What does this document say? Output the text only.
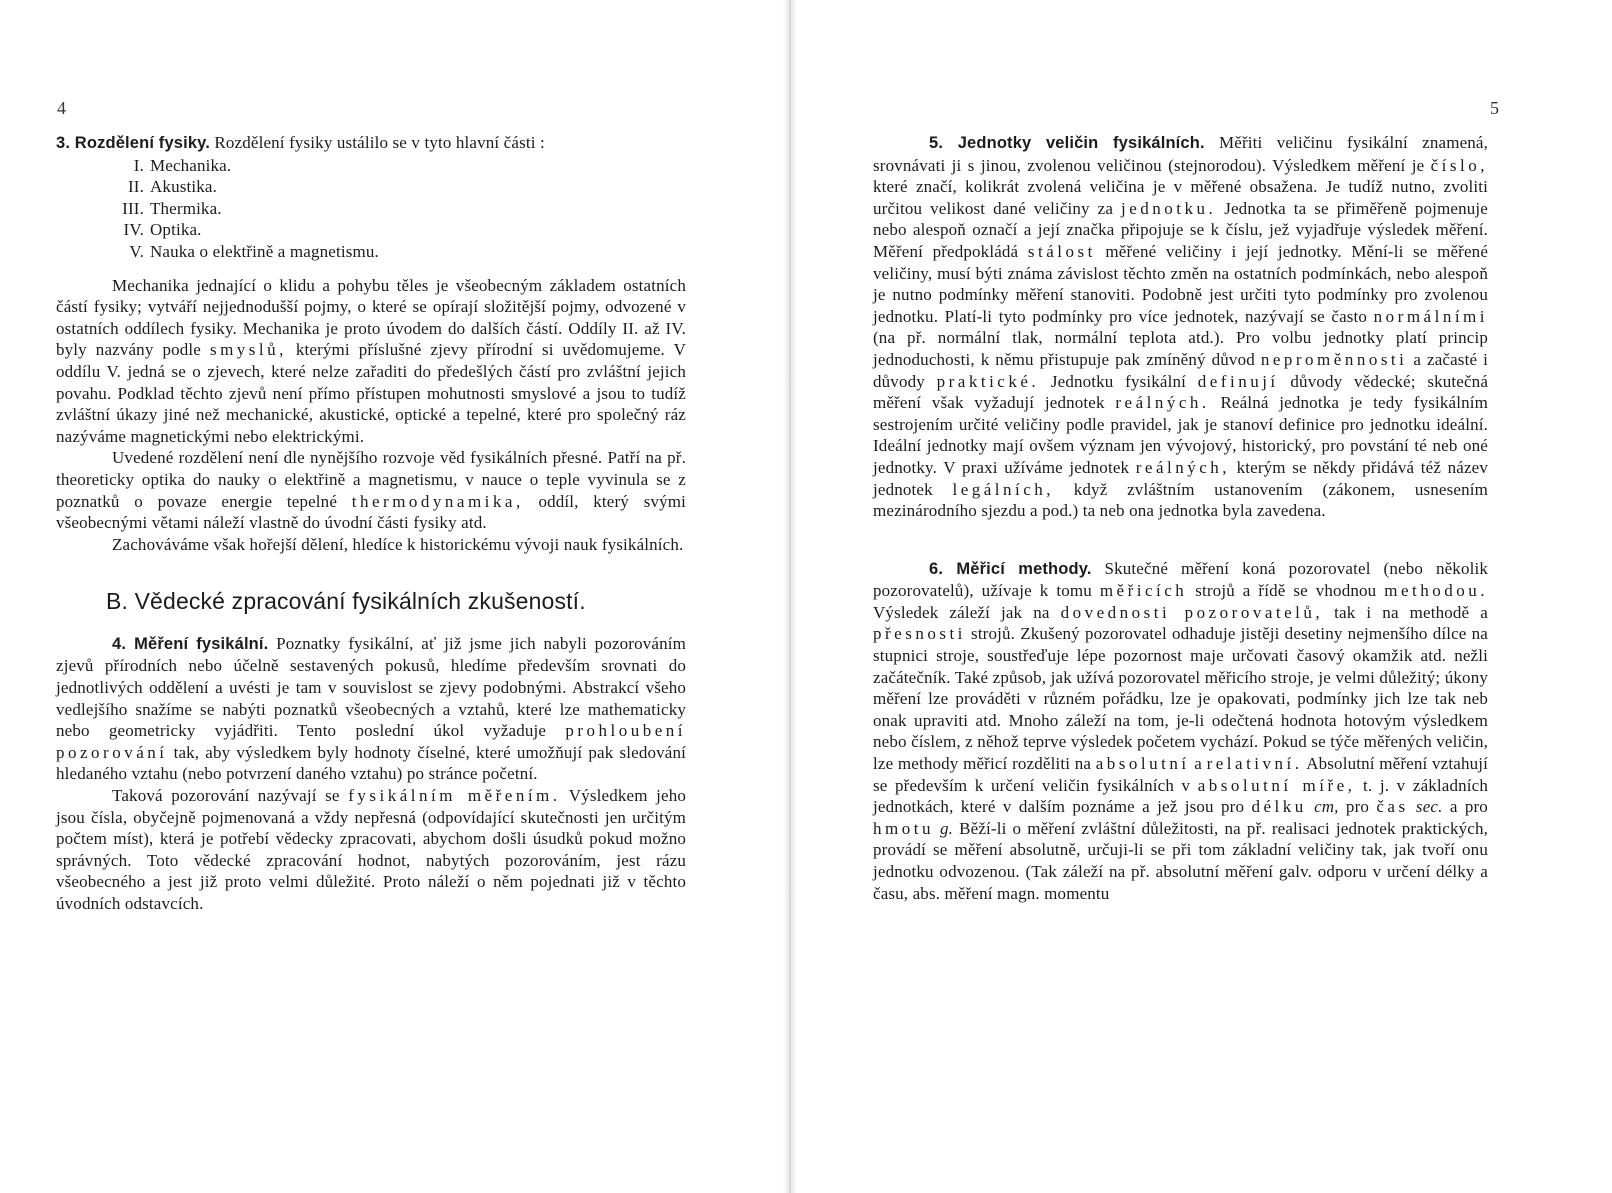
4

3. Rozdělení fysiky. Rozdělení fysiky ustálilo se v tyto hlavní části :

I. Mechanika.
II. Akustika.
III. Thermika.
IV. Optika.
V. Nauka o elektřině a magnetismu.

Mechanika jednající o klidu a pohybu těles je všeobecným základem ostatních částí fysiky; vytváří nejjednodušší pojmy, o které se opírají složitější pojmy, odvozené v ostatních oddílech fysiky. Mechanika je proto úvodem do dalších částí. Oddíly II. až IV. byly nazvány podle smyslů, kterými příslušné zjevy přírodní si uvědomujeme. V oddílu V. jedná se o zjevech, které nelze zařaditi do předešlých částí pro zvláštní jejich povahu. Podklad těchto zjevů není přímo přístupen mohutnosti smyslové a jsou to tudíž zvláštní úkazy jiné než mechanické, akustické, optické a tepelné, které pro společný ráz nazýváme magnetickými nebo elektrickými.

Uvedené rozdělení není dle nynějšího rozvoje věd fysikálních přesné. Patří na př. theoreticky optika do nauky o elektřině a magnetismu, v nauce o teple vyvinula se z poznatků o povaze energie tepelné thermodynamika, oddíl, který svými všeobecnými větami náleží vlastně do úvodní části fysiky atd.

Zachováváme však hořejší dělení, hledíce k historickému vývoji nauk fysikálních.

B. Vědecké zpracování fysikálních zkušeností.

4. Měření fysikální. Poznatky fysikální, ať již jsme jich nabyli pozorováním zjevů přírodních nebo účelně sestavených pokusů, hledíme především srovnati do jednotlivých oddělení a uvésti je tam v souvislost se zjevy podobnými. Abstrakcí všeho vedlejšího snažíme se nabýti poznatků všeobecných a vztahů, které lze mathematicky nebo geometricky vyjádřiti. Tento poslední úkol vyžaduje prohloubení pozorování tak, aby výsledkem byly hodnoty číselné, které umožňují pak sledování hledaného vztahu (nebo potvrzení daného vztahu) po stránce početní.

Taková pozorování nazývají se fysikálním měřením. Výsledkem jeho jsou čísla, obyčejně pojmenovaná a vždy nepřesná (odpovídající skutečnosti jen určitým počtem míst), která je potřebí vědecky zpracovati, abychom došli úsudků pokud možno správných. Toto vědecké zpracování hodnot, nabytých pozorováním, jest rázu všeobecného a jest již proto velmi důležité. Proto náleží o něm pojednati již v těchto úvodních odstavcích.

5

5. Jednotky veličin fysikálních. Měřiti veličinu fysikální znamená, srovnávati ji s jinou, zvolenou veličinou (stejnorodou). Výsledkem měření je číslo, které značí, kolikrát zvolená veličina je v měřené obsažena. Je tudíž nutno, zvoliti určitou velikost dané veličiny za jednotku. Jednotka ta se přiměřeně pojmenuje nebo alespoň označí a její značka připojuje se k číslu, jež vyjadřuje výsledek měření. Měření předpokládá stálost měřené veličiny i její jednotky. Mění-li se měřené veličiny, musí býti známa závislost těchto změn na ostatních podmínkách, nebo alespoň je nutno podmínky měření stanoviti. Podobně jest určiti tyto podmínky pro zvolenou jednotku. Platí-li tyto podmínky pro více jednotek, nazývají se často normálními (na př. normální tlak, normální teplota atd.). Pro volbu jednotky platí princip jednoduchosti, k němu přistupuje pak zmíněný důvod neproměnnosti a začasté i důvody praktické. Jednotku fysikální definují důvody vědecké; skutečná měření však vyžadují jednotek reálných. Reálná jednotka je tedy fysikálním sestrojením určité veličiny podle pravidel, jak je stanoví definice pro jednotku ideální. Ideální jednotky mají ovšem význam jen vývojový, historický, pro povstání té neb oné jednotky. V praxi užíváme jednotek reálných, kterým se někdy přidává též název jednotek legálních, když zvláštním ustanovením (zákonem, usnesením mezinárodního sjezdu a pod.) ta neb ona jednotka byla zavedena.

6. Měřicí methody. Skutečné měření koná pozorovatel (nebo několik pozorovatelů), užívaje k tomu měřicích strojů a řídě se vhodnou methodou. Výsledek záleží jak na dovednosti pozorovatelů, tak i na methodě a přesnosti strojů. Zkušený pozorovatel odhaduje jistěji desetiny nejmenšího dílce na stupnici stroje, soustřeďuje lépe pozornost maje určovati časový okamžik atd. nežli začátečník. Také způsob, jak užívá pozorovatel měřicího stroje, je velmi důležitý; úkony měření lze prováděti v různém pořádku, lze je opakovati, podmínky jich lze tak neb onak upraviti atd. Mnoho záleží na tom, je-li odečtená hodnota hotovým výsledkem nebo číslem, z něhož teprve výsledek početem vychází. Pokud se týče měřených veličin, lze methody měřicí rozděliti na absolutní a relativní. Absolutní měření vztahují se především k určení veličin fysikálních v absolutní míře, t. j. v základních jednotkách, které v dalším poznáme a jež jsou pro délku cm, pro čas sec. a pro hmotu g. Běží-li o měření zvláštní důležitosti, na př. realisaci jednotek praktických, provádí se měření absolutně, určuji-li se při tom základní veličiny tak, jak tvoří onu jednotku odvozenou. (Tak záleží na př. absolutní měření galv. odporu v určení délky a času, abs. měření magn. momentu
